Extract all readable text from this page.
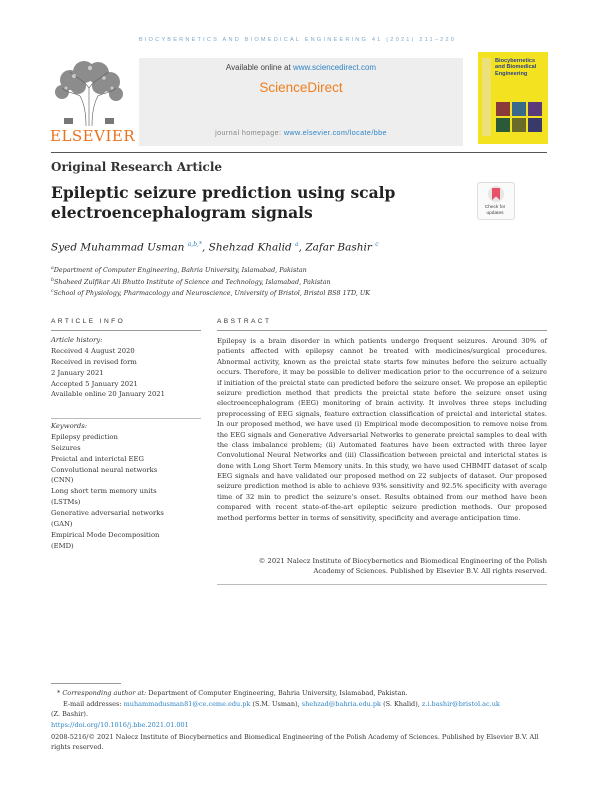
BIOCYBERNETICS AND BIOMEDICAL ENGINEERING 41 (2021) 211–220
ELSEVIER
Available online at www.sciencedirect.com
ScienceDirect
journal homepage: www.elsevier.com/locate/bbe
Biocybernetics and Biomedical Engineering
Original Research Article
Epileptic seizure prediction using scalp electroencephalogram signals	Check for
updates
Syed Muhammad Usman $^{a,b,*}$, Shehzad Khalid $^a$, Zafar Bashir $^c$
$^a$Department of Computer Engineering, Bahria University, Islamabad, Pakistan
$^b$Shaheed Zulfikar Ali Bhutto Institute of Science and Technology, Islamabad, Pakistan
$^c$School of Physiology, Pharmacology and Neuroscience, University of Bristol, Bristol BS8 1TD, UK
ARTICLE INFO
Article history:
Received 4 August 2020
Received in revised form
2 January 2021
Accepted 5 January 2021
Available online 20 January 2021
Keywords:
Epilepsy prediction
Seizures
Preictal and interictal EEG
Convolutional neural networks
(CNN)
Long short term memory units
(LSTMs)
Generative adversarial networks
(GAN)
Empirical Mode Decomposition
(EMD)
ABSTRACT
Epilepsy is a brain disorder in which patients undergo frequent seizures. Around 30% of patients affected with epilepsy cannot be treated with medicines/surgical procedures. Abnormal activity, known as the preictal state starts few minutes before the seizure actually occurs. Therefore, it may be possible to deliver medication prior to the occurrence of a seizure if initiation of the preictal state can predicted before the seizure onset. We propose an epileptic seizure prediction method that predicts the preictal state before the seizure onset using electroencephalogram (EEG) monitoring of brain activity. It involves three steps including preprocessing of EEG signals, feature extraction classification of preictal and interictal states. In our proposed method, we have used (i) Empirical mode decomposition to remove noise from the EEG signals and Generative Adversarial Networks to generate preictal samples to deal with the class imbalance problem; (ii) Automated features have been extracted with three layer Convolutional Neural Networks and (iii) Classification between preictal and interictal states is done with Long Short Term Memory units. In this study, we have used CHBMIT dataset of scalp EEG signals and have validated our proposed method on 22 subjects of dataset. Our proposed seizure prediction method is able to achieve 93% sensitivity and 92.5% specificity with average time of 32 min to predict the seizure's onset. Results obtained from our method have been compared with recent state-of-the-art epileptic seizure prediction methods. Our proposed method performs better in terms of sensitivity, specificity and average anticipation time.
© 2021 Nalecz Institute of Biocybernetics and Biomedical Engineering of the Polish
Academy of Sciences. Published by Elsevier B.V. All rights reserved.
* Corresponding author at: Department of Computer Engineering, Bahria University, Islamabad, Pakistan.
E-mail addresses: muhammadusman81@ce.ceme.edu.pk (S.M. Usman), shehzad@bahria.edu.pk (S. Khalid), z.i.bashir@bristol.ac.uk
(Z. Bashir).
https://doi.org/10.1016/j.bbe.2021.01.001
0208-5216/© 2021 Nalecz Institute of Biocybernetics and Biomedical Engineering of the Polish Academy of Sciences. Published by Elsevier B.V. All rights reserved.
